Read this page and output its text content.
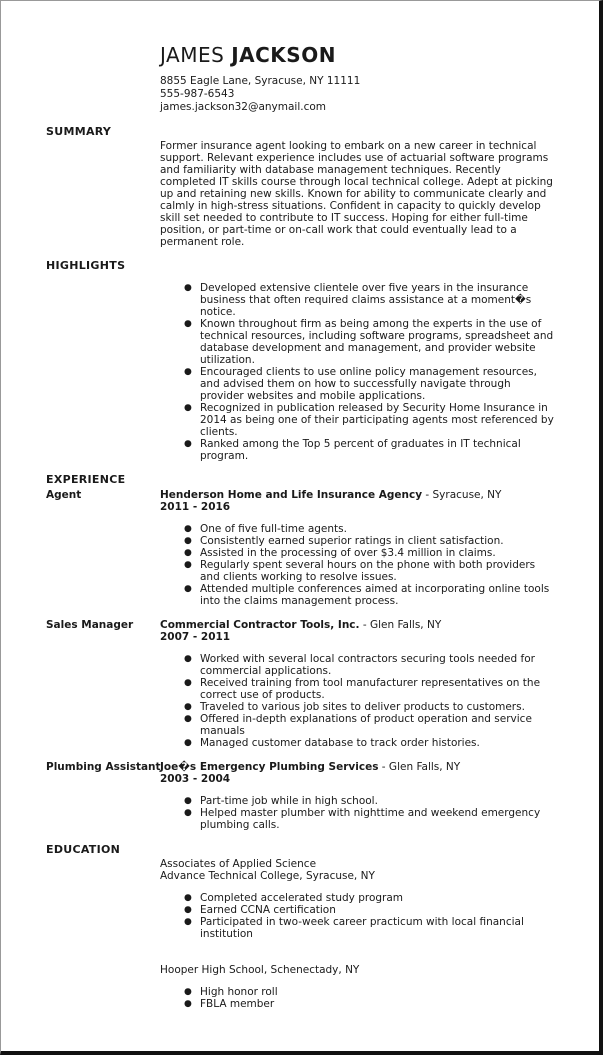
JAMES JACKSON
8855 Eagle Lane, Syracuse, NY 11111
555-987-6543
james.jackson32@anymail.com
SUMMARY

Former insurance agent looking to embark on a new career in technical support. Relevant experience includes use of actuarial software programs and familiarity with database management techniques. Recently completed IT skills course through local technical college. Adept at picking up and retaining new skills. Known for ability to communicate clearly and calmly in high-stress situations. Confident in capacity to quickly develop skill set needed to contribute to IT success. Hoping for either full-time position, or part-time or on-call work that could eventually lead to a permanent role.

HIGHLIGHTS
● Developed extensive clientele over five years in the insurance business that often required claims assistance at a moment�s notice.
● Known throughout firm as being among the experts in the use of technical resources, including software programs, spreadsheet and database development and management, and provider website utilization.
● Encouraged clients to use online policy management resources, and advised them on how to successfully navigate through provider websites and mobile applications.
● Recognized in publication released by Security Home Insurance in 2014 as being one of their participating agents most referenced by clients.
● Ranked among the Top 5 percent of graduates in IT technical program.
EXPERIENCE
Agent	Henderson Home and Life Insurance Agency - Syracuse, NY
2011 - 2016
● One of five full-time agents.
● Consistently earned superior ratings in client satisfaction.
● Assisted in the processing of over $3.4 million in claims.
● Regularly spent several hours on the phone with both providers and clients working to resolve issues.
● Attended multiple conferences aimed at incorporating online tools into the claims management process.
Sales Manager	Commercial Contractor Tools, Inc. - Glen Falls, NY
2007 - 2011
● Worked with several local contractors securing tools needed for commercial applications.
● Received training from tool manufacturer representatives on the correct use of products.
● Traveled to various job sites to deliver products to customers.
● Offered in-depth explanations of product operation and service manuals
● Managed customer database to track order histories.
Plumbing Assistant Joe�s Emergency Plumbing Services - Glen Falls, NY
2003 - 2004
● Part-time job while in high school.
● Helped master plumber with nighttime and weekend emergency plumbing calls.
EDUCATION
Associates of Applied Science
Advance Technical College, Syracuse, NY
● Completed accelerated study program
● Earned CCNA certification
● Participated in two-week career practicum with local financial institution
Hooper High School, Schenectady, NY
● High honor roll
● FBLA member
